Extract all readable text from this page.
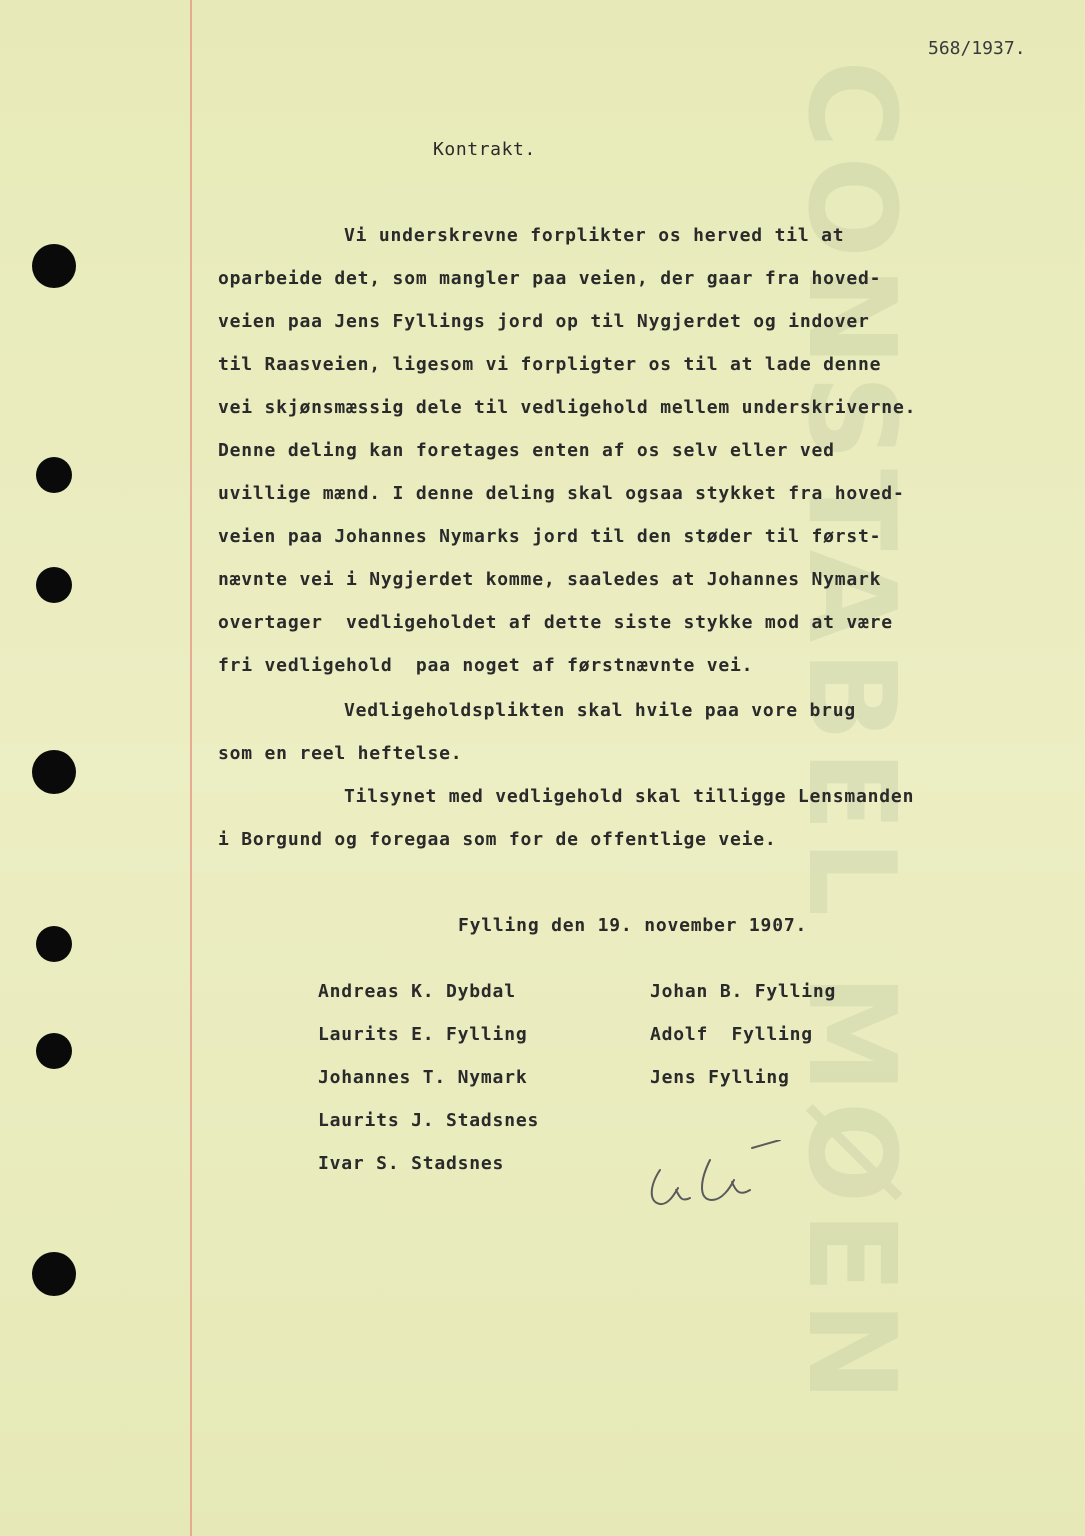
CONSTABEL MØEN
568/1937.
Kontrakt.
Vi underskrevne forplikter os herved til at
oparbeide det, som mangler paa veien, der gaar fra hoved-
veien paa Jens Fyllings jord op til Nygjerdet og indover
til Raasveien, ligesom vi forpligter os til at lade denne
vei skjønsmæssig dele til vedligehold mellem underskriverne.
Denne deling kan foretages enten af os selv eller ved
uvillige mænd. I denne deling skal ogsaa stykket fra hoved-
veien paa Johannes Nymarks jord til den støder til først-
nævnte vei i Nygjerdet komme, saaledes at Johannes Nymark
overtager  vedligeholdet af dette siste stykke mod at være
fri vedligehold  paa noget af førstnævnte vei.
Vedligeholdsplikten skal hvile paa vore brug
som en reel heftelse.
Tilsynet med vedligehold skal tilligge Lensmanden
i Borgund og foregaa som for de offentlige veie.
Fylling den 19. november 1907.
Andreas K. Dybdal
Laurits E. Fylling
Johannes T. Nymark
Laurits J. Stadsnes
Ivar S. Stadsnes
Johan B. Fylling
Adolf  Fylling
Jens Fylling
